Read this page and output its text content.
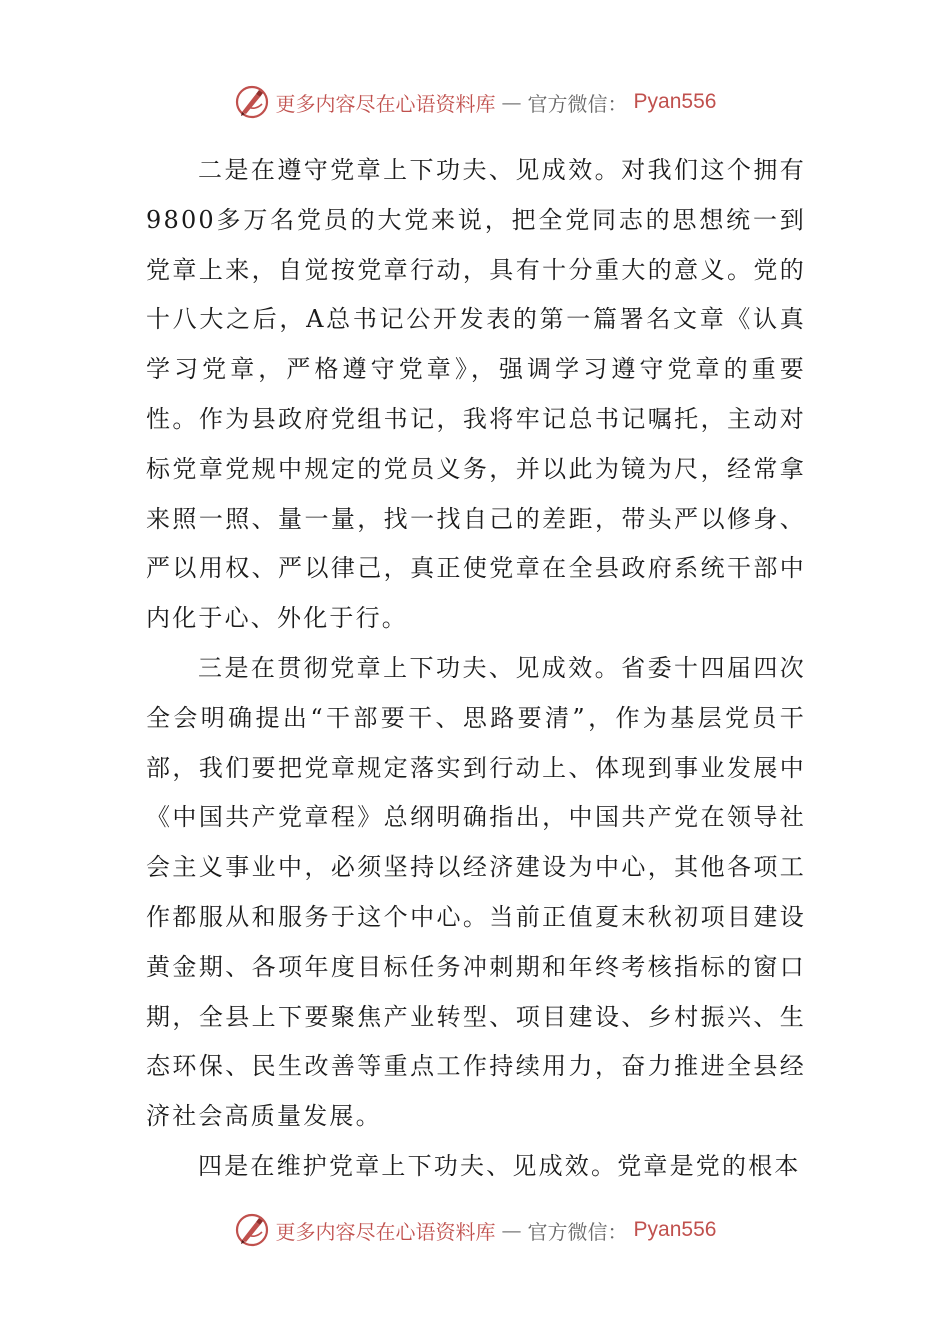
更多内容尽在心语资料库 — 官方微信： Pyan556

二是在遵守党章上下功夫、见成效。对我们这个拥有9800多万名党员的大党来说，把全党同志的思想统一到党章上来，自觉按党章行动，具有十分重大的意义。党的十八大之后，A总书记公开发表的第一篇署名文章《认真学习党章，严格遵守党章》，强调学习遵守党章的重要性。作为县政府党组书记，我将牢记总书记嘱托，主动对标党章党规中规定的党员义务，并以此为镜为尺，经常拿来照一照、量一量，找一找自己的差距，带头严以修身、严以用权、严以律己，真正使党章在全县政府系统干部中内化于心、外化于行。

三是在贯彻党章上下功夫、见成效。省委十四届四次全会明确提出“干部要干、思路要清”，作为基层党员干部，我们要把党章规定落实到行动上、体现到事业发展中《中国共产党章程》总纲明确指出，中国共产党在领导社会主义事业中，必须坚持以经济建设为中心，其他各项工作都服从和服务于这个中心。当前正值夏末秋初项目建设黄金期、各项年度目标任务冲刺期和年终考核指标的窗口期，全县上下要聚焦产业转型、项目建设、乡村振兴、生态环保、民生改善等重点工作持续用力，奋力推进全县经济社会高质量发展。

四是在维护党章上下功夫、见成效。党章是党的根本

更多内容尽在心语资料库 — 官方微信： Pyan556
